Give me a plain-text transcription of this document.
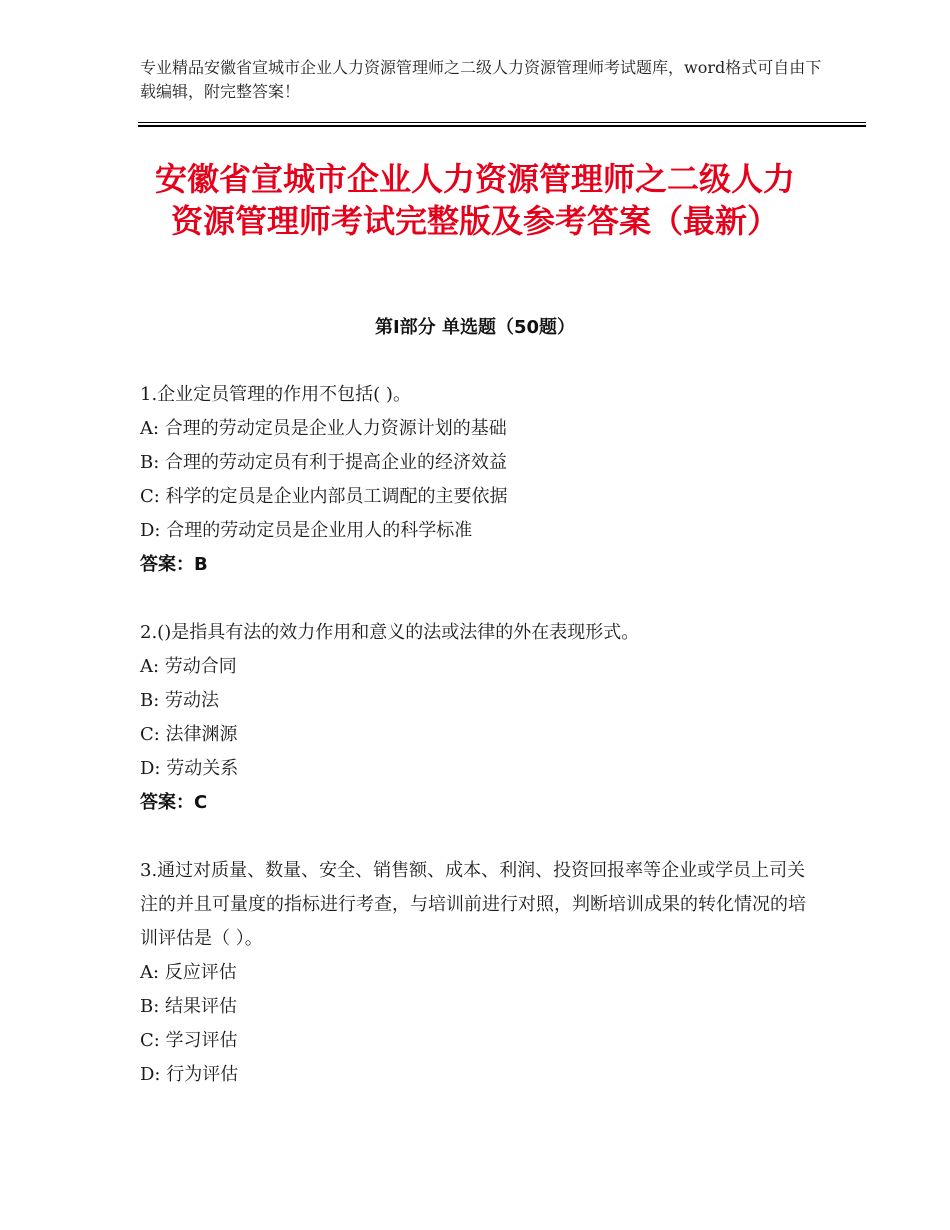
专业精品安徽省宣城市企业人力资源管理师之二级人力资源管理师考试题库，word格式可自由下载编辑，附完整答案！
安徽省宣城市企业人力资源管理师之二级人力资源管理师考试完整版及参考答案（最新）
第Ⅰ部分 单选题（50题）
1.企业定员管理的作用不包括( )。
A: 合理的劳动定员是企业人力资源计划的基础
B: 合理的劳动定员有利于提高企业的经济效益
C: 科学的定员是企业内部员工调配的主要依据
D: 合理的劳动定员是企业用人的科学标准
答案：B
2.()是指具有法的效力作用和意义的法或法律的外在表现形式。
A: 劳动合同
B: 劳动法
C: 法律渊源
D: 劳动关系
答案：C
3.通过对质量、数量、安全、销售额、成本、利润、投资回报率等企业或学员上司关注的并且可量度的指标进行考查，与培训前进行对照，判断培训成果的转化情况的培训评估是（ ）。
A: 反应评估
B: 结果评估
C: 学习评估
D: 行为评估
